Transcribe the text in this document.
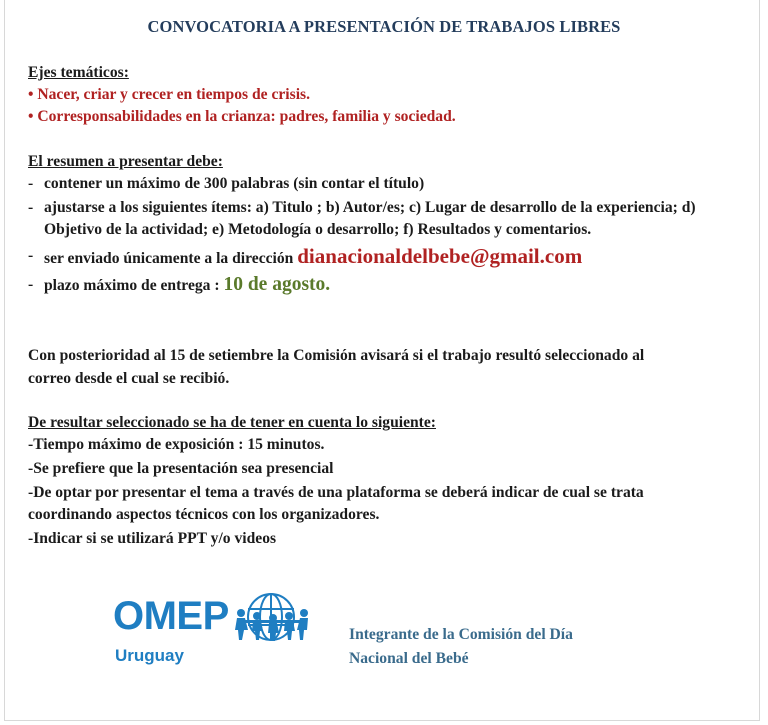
CONVOCATORIA A PRESENTACIÓN DE TRABAJOS LIBRES
Ejes temáticos:
• Nacer, criar y crecer en tiempos de crisis.
• Corresponsabilidades en la crianza: padres, familia y sociedad.
El resumen a presentar debe:
- contener un máximo de 300 palabras (sin contar el título)
- ajustarse a los siguientes ítems: a) Titulo ; b) Autor/es; c) Lugar de desarrollo de la experiencia; d) Objetivo de la actividad; e) Metodología o desarrollo; f) Resultados y comentarios.
- ser enviado únicamente a la dirección dianacionaldelbebe@gmail.com
- plazo máximo de entrega : 10 de agosto.
Con posterioridad al 15 de setiembre la Comisión avisará si el trabajo resultó seleccionado al correo desde el cual se recibió.
De resultar seleccionado se ha de tener en cuenta lo siguiente:
-Tiempo máximo de exposición : 15 minutos.
-Se prefiere que la presentación sea presencial
-De optar por presentar el tema a través de una plataforma se deberá indicar de cual se trata coordinando aspectos técnicos con los organizadores.
-Indicar si se utilizará PPT y/o videos
OMEP
Uruguay
Integrante de la Comisión del Día
Nacional del Bebé
